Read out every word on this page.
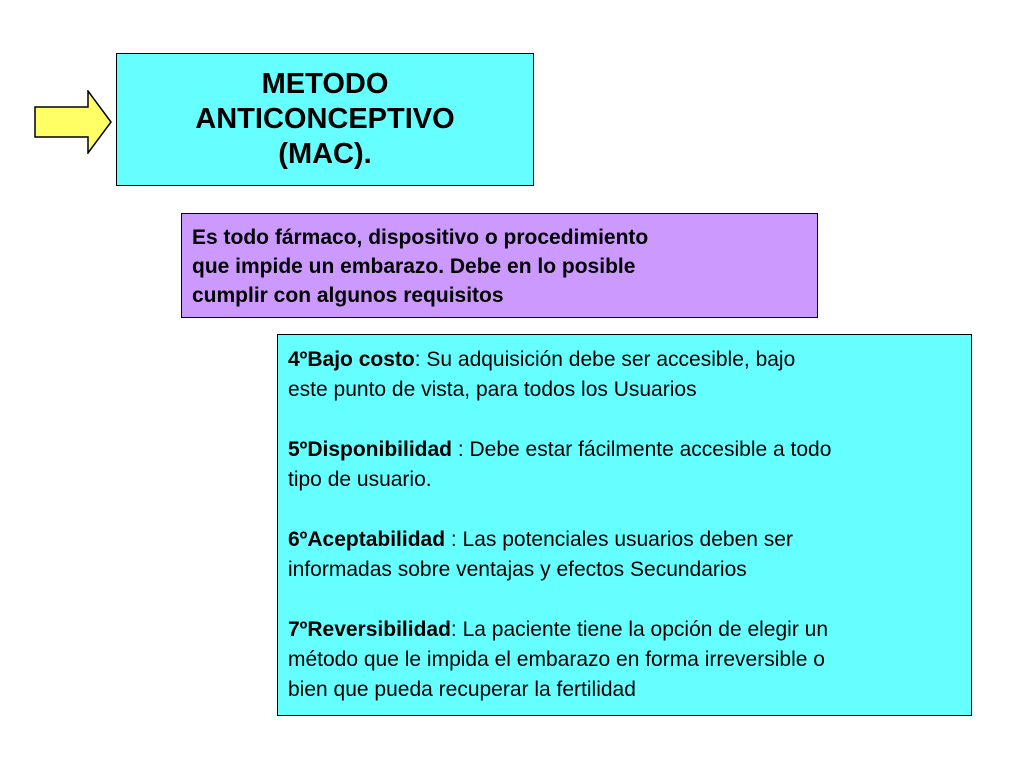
METODO
ANTICONCEPTIVO
(MAC).
Es todo fármaco, dispositivo o procedimiento
que impide un embarazo. Debe en lo posible
cumplir con algunos requisitos
4ºBajo costo: Su adquisición debe ser accesible, bajo
este punto de vista, para todos los Usuarios
5ºDisponibilidad : Debe estar fácilmente accesible a todo
tipo de usuario.
6ºAceptabilidad : Las potenciales usuarios deben ser
informadas sobre ventajas y efectos Secundarios
7ºReversibilidad: La paciente tiene la opción de elegir un
método que le impida el embarazo en forma irreversible o
bien que pueda recuperar la fertilidad
